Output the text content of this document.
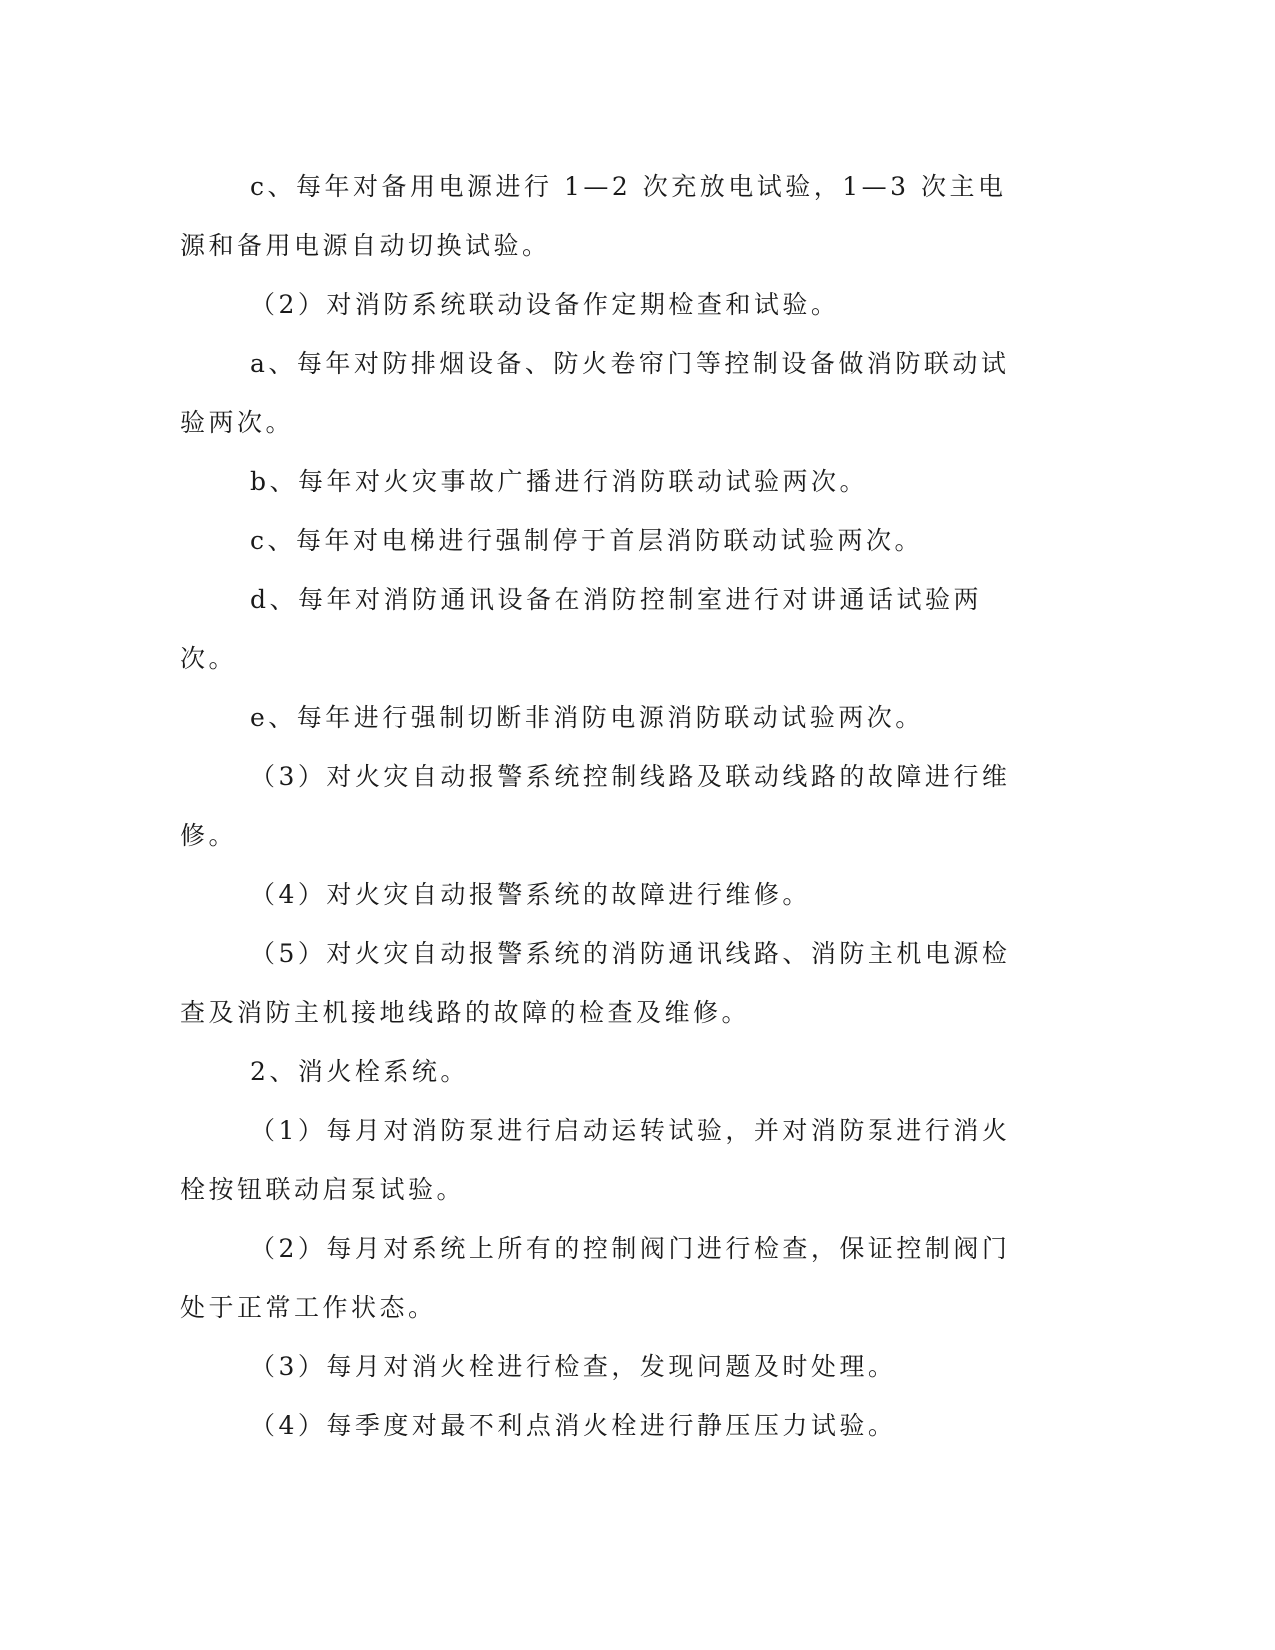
c、每年对备用电源进行 1—2 次充放电试验，1—3 次主电源和备用电源自动切换试验。

（2）对消防系统联动设备作定期检查和试验。

a、每年对防排烟设备、防火卷帘门等控制设备做消防联动试验两次。

b、每年对火灾事故广播进行消防联动试验两次。

c、每年对电梯进行强制停于首层消防联动试验两次。

d、每年对消防通讯设备在消防控制室进行对讲通话试验两次。

e、每年进行强制切断非消防电源消防联动试验两次。

（3）对火灾自动报警系统控制线路及联动线路的故障进行维修。

（4）对火灾自动报警系统的故障进行维修。

（5）对火灾自动报警系统的消防通讯线路、消防主机电源检查及消防主机接地线路的故障的检查及维修。

2、消火栓系统。

（1）每月对消防泵进行启动运转试验，并对消防泵进行消火栓按钮联动启泵试验。

（2）每月对系统上所有的控制阀门进行检查，保证控制阀门处于正常工作状态。

（3）每月对消火栓进行检查，发现问题及时处理。

（4）每季度对最不利点消火栓进行静压压力试验。
